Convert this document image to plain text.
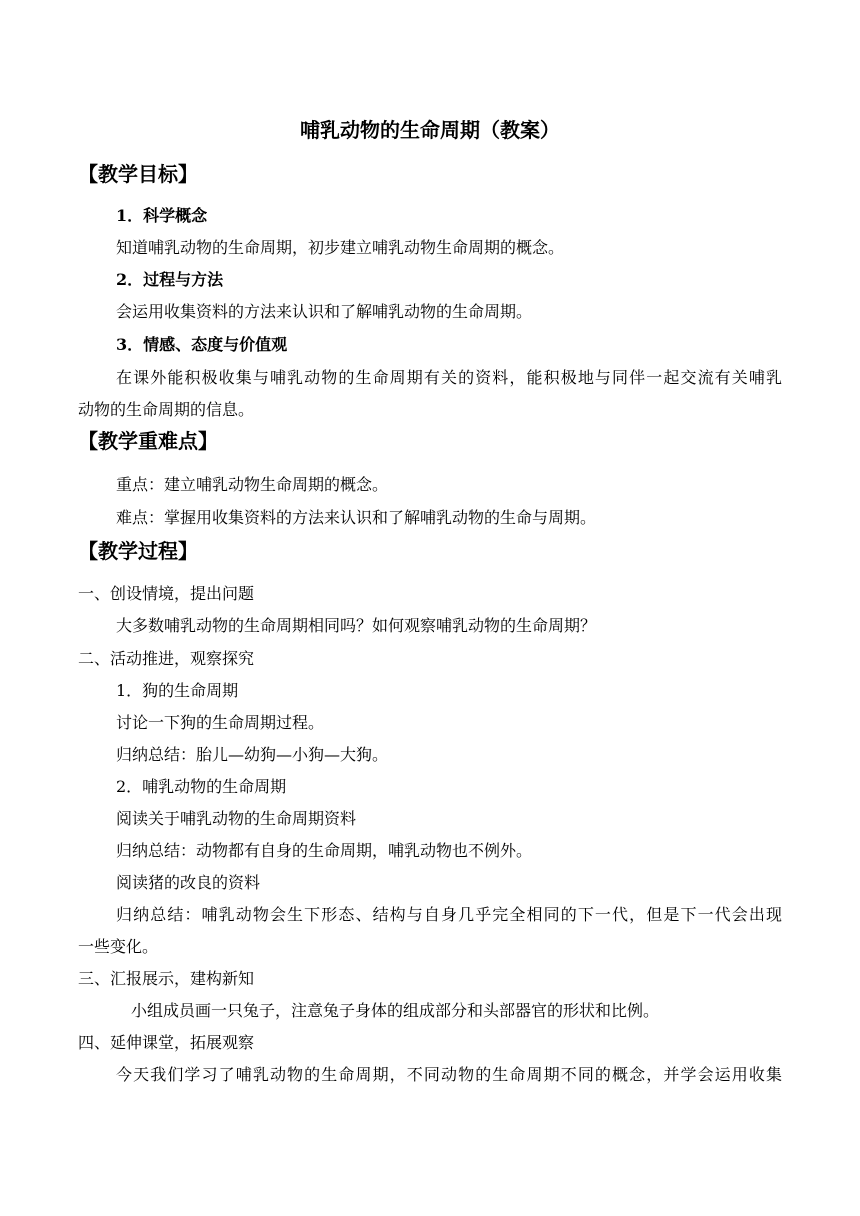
哺乳动物的生命周期（教案）
【教学目标】
1．科学概念
知道哺乳动物的生命周期，初步建立哺乳动物生命周期的概念。
2．过程与方法
会运用收集资料的方法来认识和了解哺乳动物的生命周期。
3．情感、态度与价值观
在课外能积极收集与哺乳动物的生命周期有关的资料，能积极地与同伴一起交流有关哺乳
动物的生命周期的信息。
【教学重难点】
重点：建立哺乳动物生命周期的概念。
难点：掌握用收集资料的方法来认识和了解哺乳动物的生命与周期。
【教学过程】
一、创设情境，提出问题
大多数哺乳动物的生命周期相同吗？如何观察哺乳动物的生命周期？
二、活动推进，观察探究
1．狗的生命周期
讨论一下狗的生命周期过程。
归纳总结：胎儿—幼狗—小狗—大狗。
2．哺乳动物的生命周期
阅读关于哺乳动物的生命周期资料
归纳总结：动物都有自身的生命周期，哺乳动物也不例外。
阅读猪的改良的资料
归纳总结：哺乳动物会生下形态、结构与自身几乎完全相同的下一代，但是下一代会出现
一些变化。
三、汇报展示，建构新知
小组成员画一只兔子，注意兔子身体的组成部分和头部器官的形状和比例。
四、延伸课堂，拓展观察
今天我们学习了哺乳动物的生命周期，不同动物的生命周期不同的概念，并学会运用收集
